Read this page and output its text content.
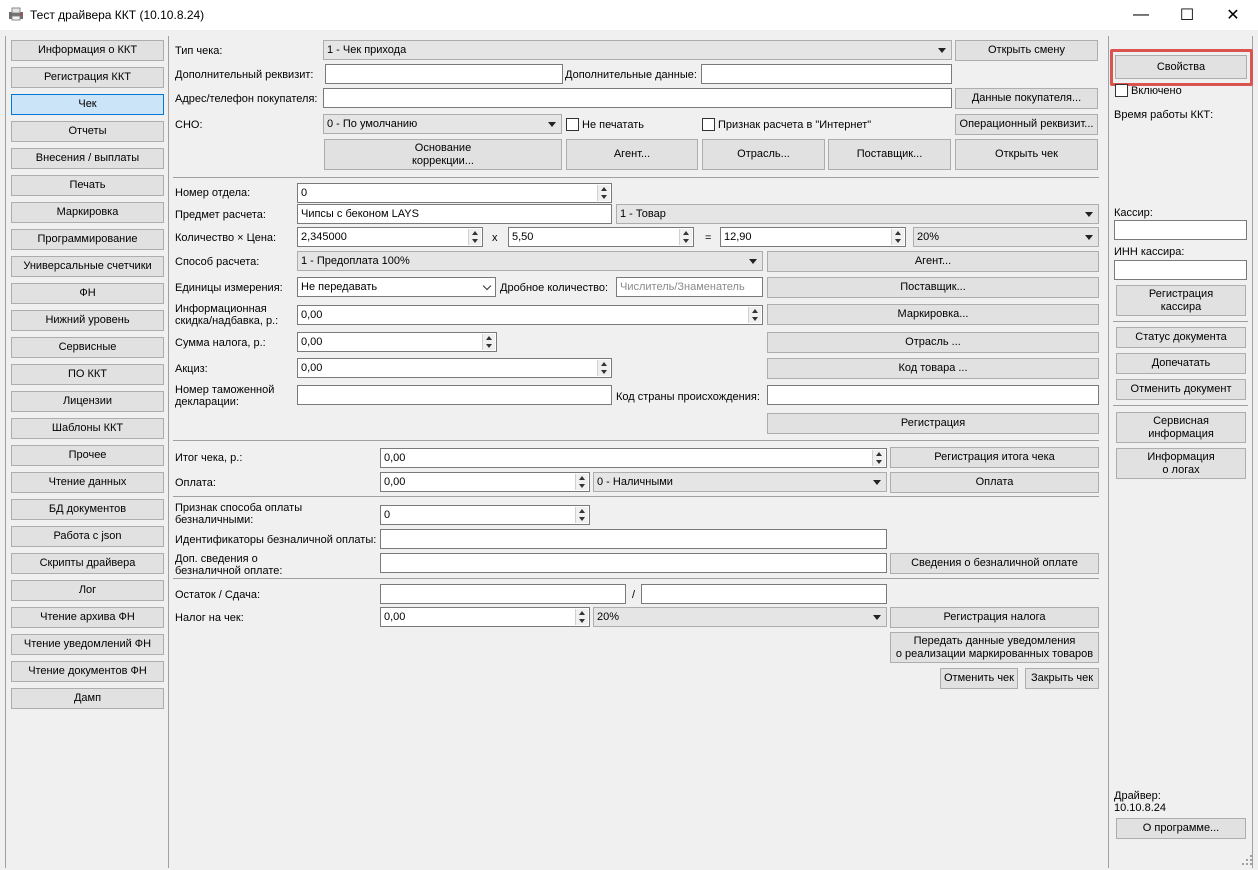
Тест драйвера ККТ (10.10.8.24)	— ☐ ✕
Информация о ККТ
Регистрация ККТ
Чек
Отчеты
Внесения / выплаты
Печать
Маркировка
Программирование
Универсальные счетчики
ФН
Нижний уровень
Сервисные
ПО ККТ
Лицензии
Шаблоны ККТ
Прочее
Чтение данных
БД документов
Работа с json
Скрипты драйвера
Лог
Чтение архива ФН
Чтение уведомлений ФН
Чтение документов ФН
Дамп
Тип чека:	1 - Чек прихода	Открыть смену
Дополнительный реквизит:	Дополнительные данные:
Адрес/телефон покупателя:	Данные покупателя...
СНО:	0 - По умолчанию	Не печатать	Признак расчета в "Интернет"	Операционный реквизит...
Основание
коррекции...
Агент...	Отрасль...	Поставщик...	Открыть чек
Номер отдела:	0
Предмет расчета:	Чипсы с беконом LAYS	1 - Товар
Количество × Цена:	2,345000	x	5,50	=	12,90	20%
Способ расчета:	1 - Предоплата 100%	Агент...
Единицы измерения:	Не передавать	Дробное количество:	Числитель/Знаменатель	Поставщик...
Информационная
скидка/надбавка, р.:	0,00	Маркировка...
Сумма налога, р.:	0,00	Отрасль ...
Акциз:	0,00	Код товара ...
Номер таможенной
декларации:	Код страны происхождения:
Регистрация
Итог чека, р.:	0,00	Регистрация итога чека
Оплата:	0,00	0 - Наличными	Оплата
Признак способа оплаты
безналичными:	0
Идентификаторы безналичной оплаты:
Доп. сведения о
безналичной оплате:
Сведения о безналичной оплате
Остаток / Сдача:	/
Налог на чек:	0,00	20%	Регистрация налога
Передать данные уведомления
о реализации маркированных товаров
Отменить чек	Закрыть чек
Свойства
Включено
Время работы ККТ:
Кассир:
ИНН кассира:
Регистрация
кассира
Статус документа
Допечатать
Отменить документ
Сервисная
информация
Информация
о логах
Драйвер:
10.10.8.24
О программе...
